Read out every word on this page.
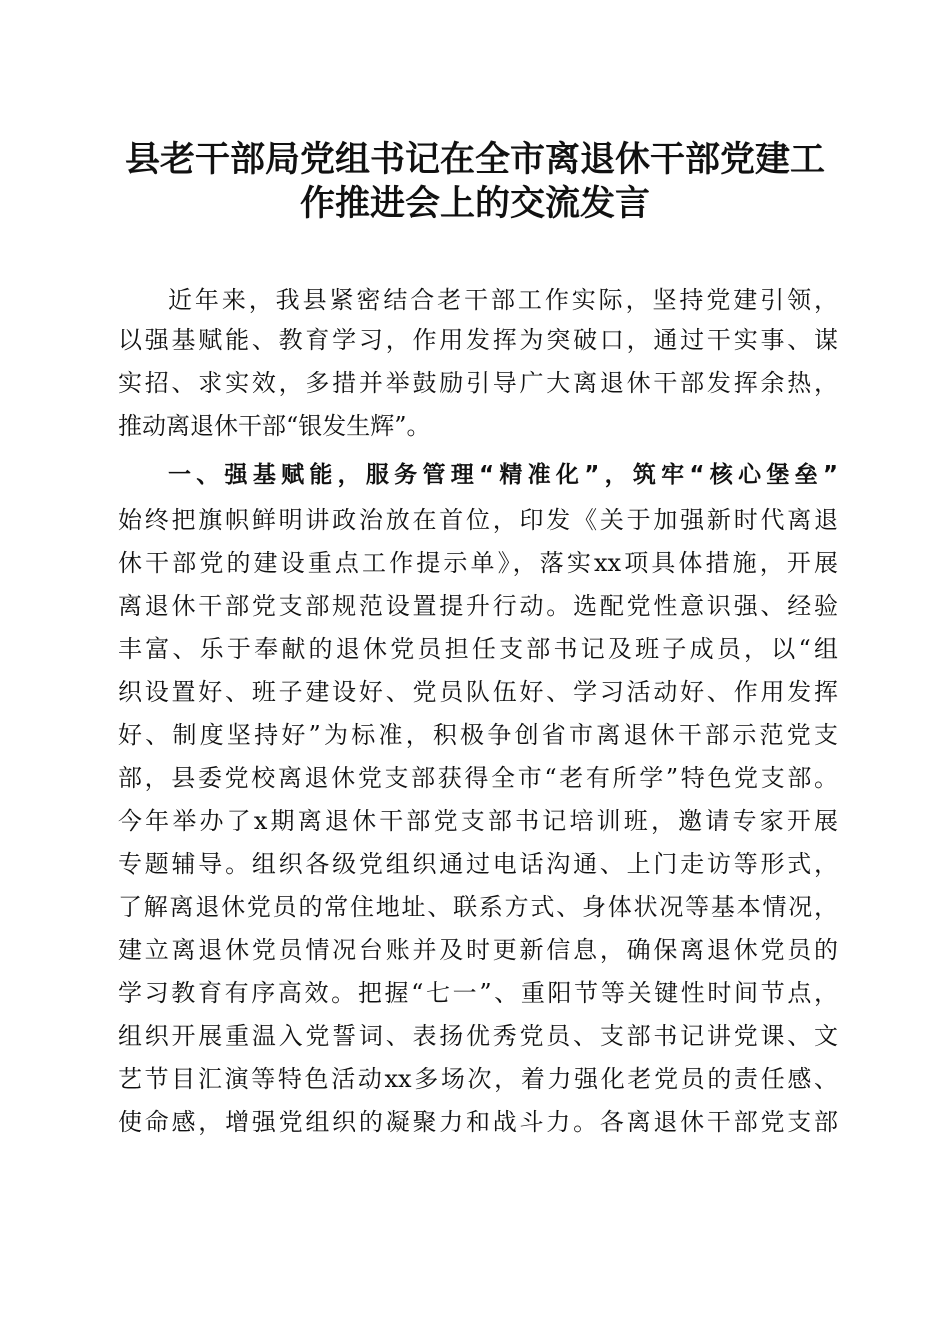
县老干部局党组书记在全市离退休干部党建工
作推进会上的交流发言
近年来，我县紧密结合老干部工作实际，坚持党建引领，
以强基赋能、教育学习，作用发挥为突破口，通过干实事、谋
实招、求实效，多措并举鼓励引导广大离退休干部发挥余热，
推动离退休干部“银发生辉”。
一、强基赋能，服务管理“精准化”，筑牢“核心堡垒”
始终把旗帜鲜明讲政治放在首位，印发《关于加强新时代离退
休干部党的建设重点工作提示单》，落实xx项具体措施，开展
离退休干部党支部规范设置提升行动。选配党性意识强、经验
丰富、乐于奉献的退休党员担任支部书记及班子成员，以“组
织设置好、班子建设好、党员队伍好、学习活动好、作用发挥
好、制度坚持好”为标准，积极争创省市离退休干部示范党支
部，县委党校离退休党支部获得全市“老有所学”特色党支部。
今年举办了x期离退休干部党支部书记培训班，邀请专家开展
专题辅导。组织各级党组织通过电话沟通、上门走访等形式，
了解离退休党员的常住地址、联系方式、身体状况等基本情况，
建立离退休党员情况台账并及时更新信息，确保离退休党员的
学习教育有序高效。把握“七一”、重阳节等关键性时间节点，
组织开展重温入党誓词、表扬优秀党员、支部书记讲党课、文
艺节目汇演等特色活动xx多场次，着力强化老党员的责任感、
使命感，增强党组织的凝聚力和战斗力。各离退休干部党支部
